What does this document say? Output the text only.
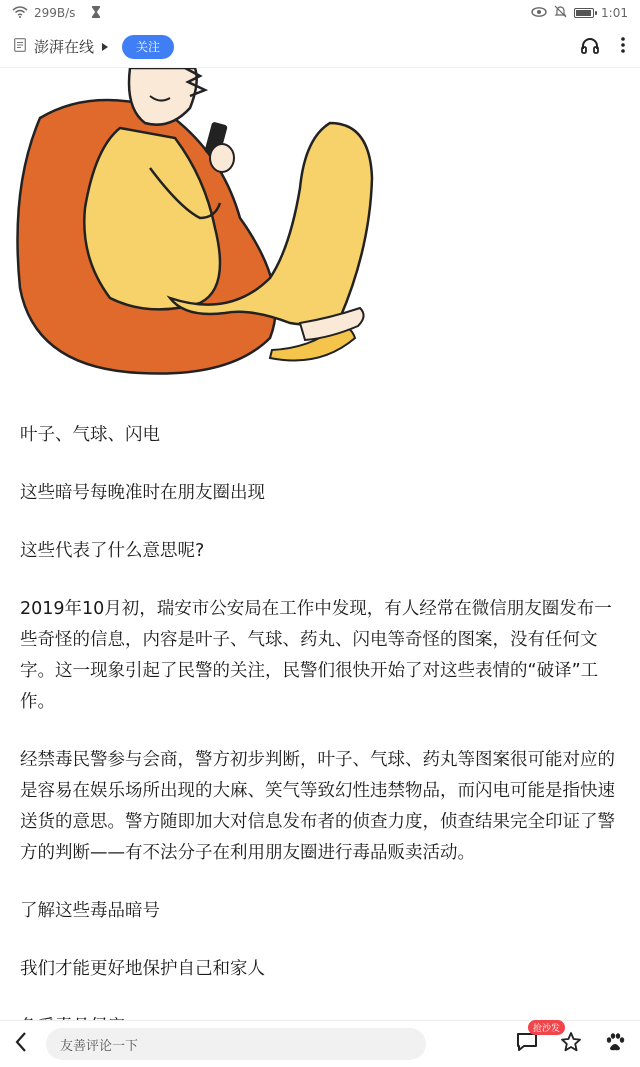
299B/s	1:01
澎湃在线	关注

叶子、气球、闪电

这些暗号每晚准时在朋友圈出现

这些代表了什么意思呢?

2019年10月初，瑞安市公安局在工作中发现，有人经常在微信朋友圈发布一些奇怪的信息，内容是叶子、气球、药丸、闪电等奇怪的图案，没有任何文字。这一现象引起了民警的关注，民警们很快开始了对这些表情的“破译”工作。

经禁毒民警参与会商，警方初步判断，叶子、气球、药丸等图案很可能对应的是容易在娱乐场所出现的大麻、笑气等致幻性违禁物品，而闪电可能是指快速送货的意思。警方随即加大对信息发布者的侦查力度，侦查结果完全印证了警方的判断——有不法分子在利用朋友圈进行毒品贩卖活动。

了解这些毒品暗号

我们才能更好地保护自己和家人

友善评论一下
抢沙发
